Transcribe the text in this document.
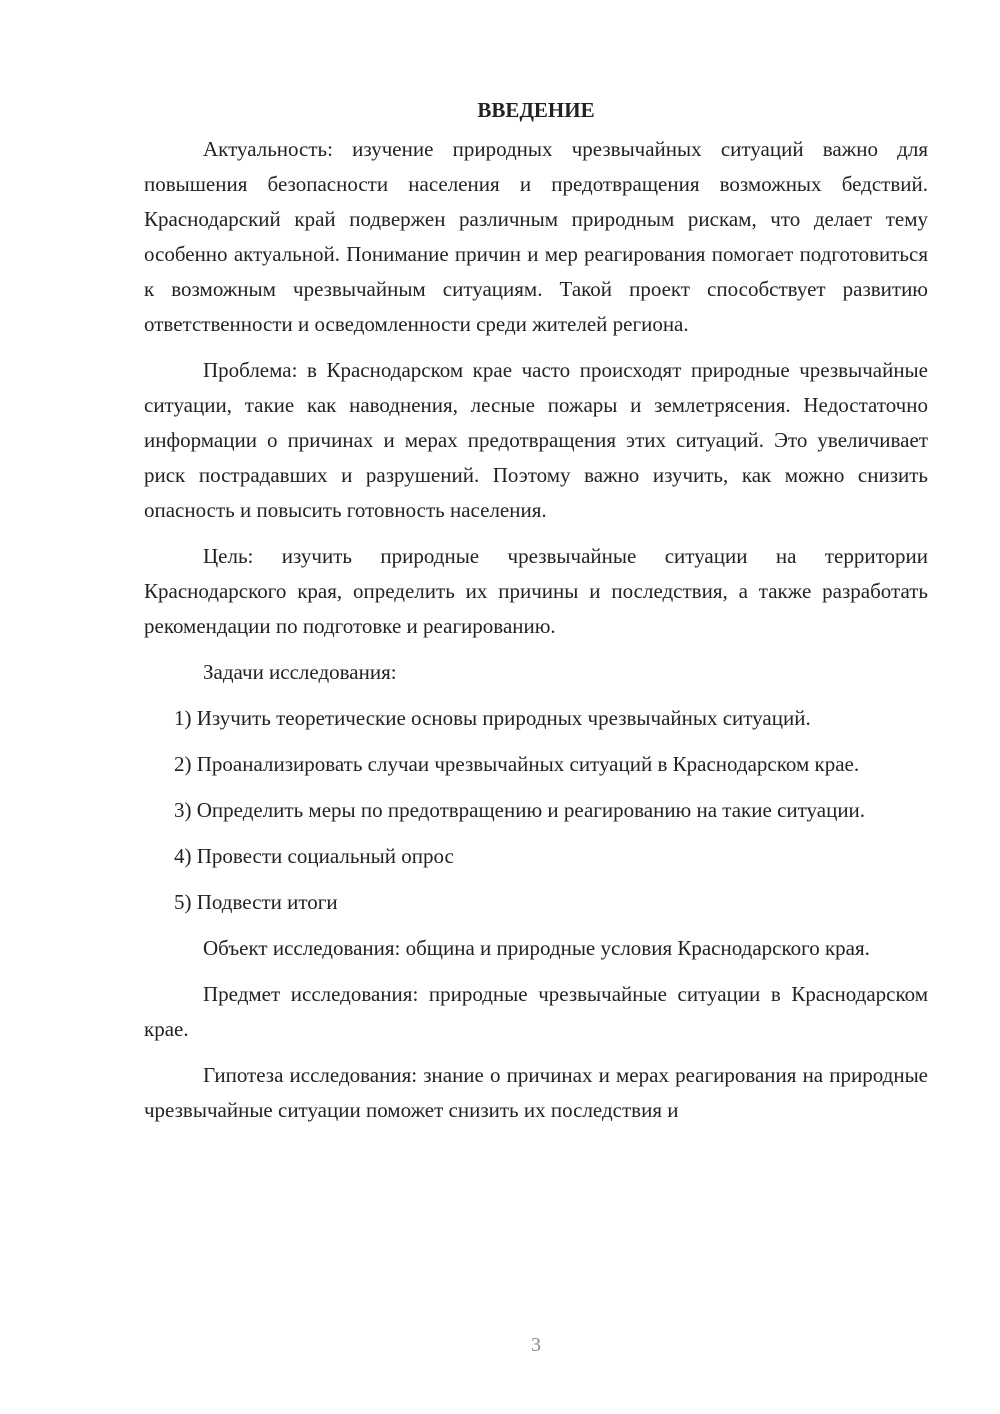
ВВЕДЕНИЕ
Актуальность: изучение природных чрезвычайных ситуаций важно для повышения безопасности населения и предотвращения возможных бедствий. Краснодарский край подвержен различным природным рискам, что делает тему особенно актуальной. Понимание причин и мер реагирования помогает подготовиться к возможным чрезвычайным ситуациям. Такой проект способствует развитию ответственности и осведомленности среди жителей региона.
Проблема: в Краснодарском крае часто происходят природные чрезвычайные ситуации, такие как наводнения, лесные пожары и землетрясения. Недостаточно информации о причинах и мерах предотвращения этих ситуаций. Это увеличивает риск пострадавших и разрушений. Поэтому важно изучить, как можно снизить опасность и повысить готовность населения.
Цель: изучить природные чрезвычайные ситуации на территории Краснодарского края, определить их причины и последствия, а также разработать рекомендации по подготовке и реагированию.
Задачи исследования:
1) Изучить теоретические основы природных чрезвычайных ситуаций.
2) Проанализировать случаи чрезвычайных ситуаций в Краснодарском крае.
3) Определить меры по предотвращению и реагированию на такие ситуации.
4) Провести социальный опрос
5) Подвести итоги
Объект исследования: община и природные условия Краснодарского края.
Предмет исследования: природные чрезвычайные ситуации в Краснодарском крае.
Гипотеза исследования: знание о причинах и мерах реагирования на природные чрезвычайные ситуации поможет снизить их последствия и
3
